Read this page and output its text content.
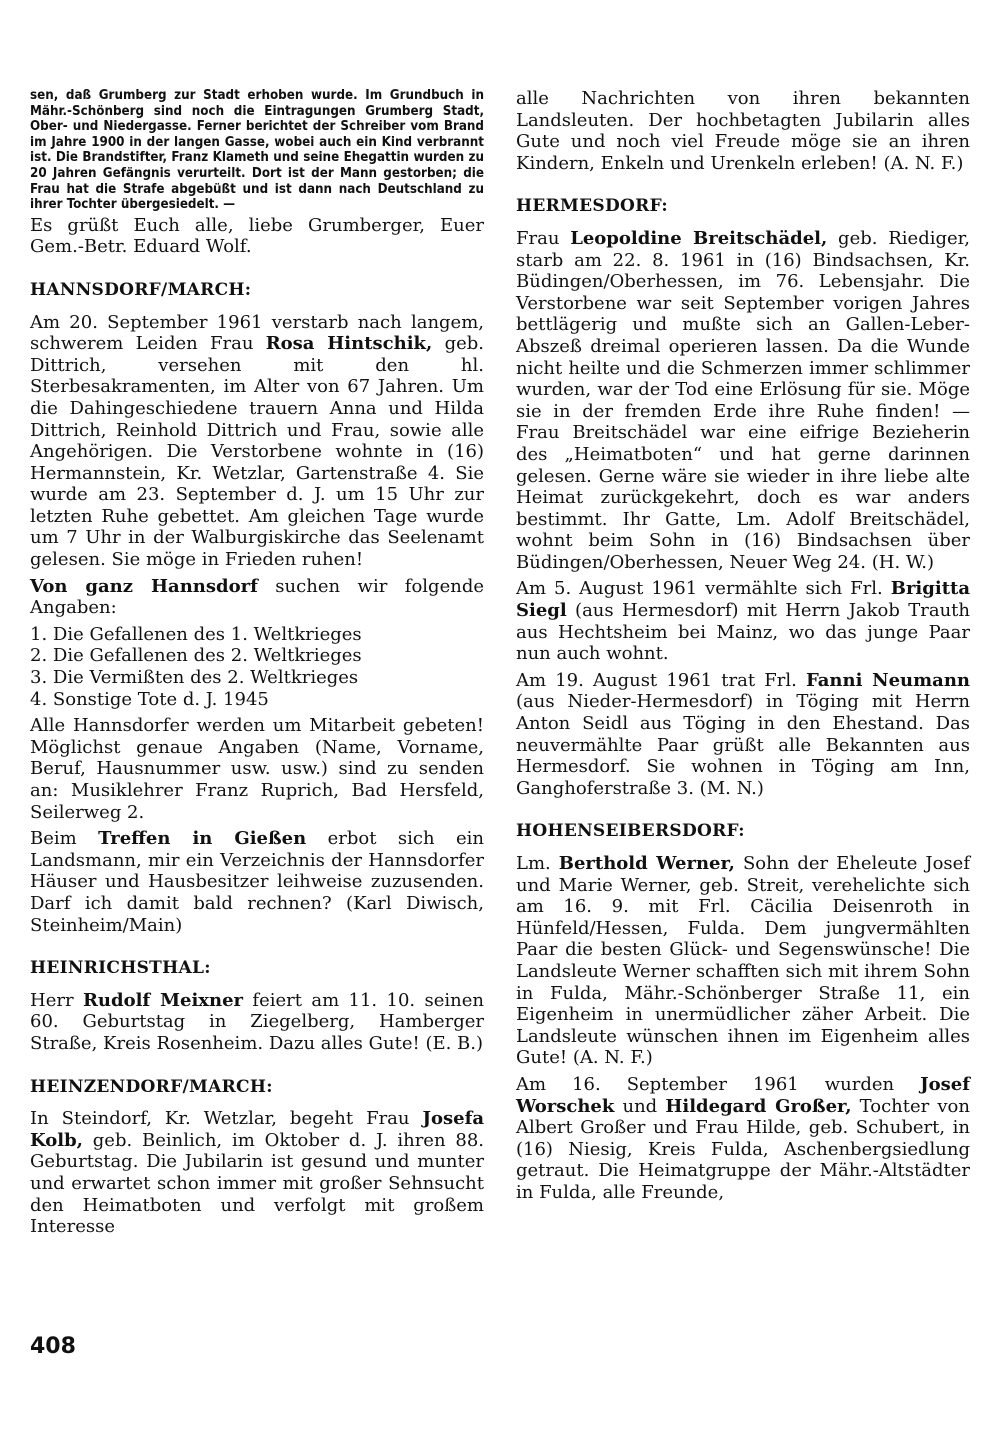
sen, daß Grumberg zur Stadt erhoben wurde. Im Grundbuch in Mähr.-Schönberg sind noch die Eintragungen Grumberg Stadt, Ober- und Niedergasse. Ferner berichtet der Schreiber vom Brand im Jahre 1900 in der langen Gasse, wobei auch ein Kind verbrannt ist. Die Brandstifter, Franz Klameth und seine Ehegattin wurden zu 20 Jahren Gefängnis verurteilt. Dort ist der Mann gestorben; die Frau hat die Strafe abgebüßt und ist dann nach Deutschland zu ihrer Tochter übergesiedelt. —

Es grüßt Euch alle, liebe Grumberger, Euer Gem.-Betr. Eduard Wolf.

HANNSDORF/MARCH:

Am 20. September 1961 verstarb nach langem, schwerem Leiden Frau Rosa Hintschik, geb. Dittrich, versehen mit den hl. Sterbesakramenten, im Alter von 67 Jahren. Um die Dahingeschiedene trauern Anna und Hilda Dittrich, Reinhold Dittrich und Frau, sowie alle Angehörigen. Die Verstorbene wohnte in (16) Hermannstein, Kr. Wetzlar, Gartenstraße 4. Sie wurde am 23. September d. J. um 15 Uhr zur letzten Ruhe gebettet. Am gleichen Tage wurde um 7 Uhr in der Walburgiskirche das Seelenamt gelesen. Sie möge in Frieden ruhen!

Von ganz Hannsdorf suchen wir folgende Angaben:

1. Die Gefallenen des 1. Weltkrieges
2. Die Gefallenen des 2. Weltkrieges
3. Die Vermißten des 2. Weltkrieges
4. Sonstige Tote d. J. 1945

Alle Hannsdorfer werden um Mitarbeit gebeten! Möglichst genaue Angaben (Name, Vorname, Beruf, Hausnummer usw. usw.) sind zu senden an: Musiklehrer Franz Ruprich, Bad Hersfeld, Seilerweg 2.

Beim Treffen in Gießen erbot sich ein Landsmann, mir ein Verzeichnis der Hannsdorfer Häuser und Hausbesitzer leihweise zuzusenden. Darf ich damit bald rechnen? (Karl Diwisch, Steinheim/Main)

HEINRICHSTHAL:

Herr Rudolf Meixner feiert am 11. 10. seinen 60. Geburtstag in Ziegelberg, Hamberger Straße, Kreis Rosenheim. Dazu alles Gute! (E. B.)

HEINZENDORF/MARCH:

In Steindorf, Kr. Wetzlar, begeht Frau Josefa Kolb, geb. Beinlich, im Oktober d. J. ihren 88. Geburtstag. Die Jubilarin ist gesund und munter und erwartet schon immer mit großer Sehnsucht den Heimatboten und verfolgt mit großem Interesse

alle Nachrichten von ihren bekannten Landsleuten. Der hochbetagten Jubilarin alles Gute und noch viel Freude möge sie an ihren Kindern, Enkeln und Urenkeln erleben! (A. N. F.)

HERMESDORF:

Frau Leopoldine Breitschädel, geb. Riediger, starb am 22. 8. 1961 in (16) Bindsachsen, Kr. Büdingen/Oberhessen, im 76. Lebensjahr. Die Verstorbene war seit September vorigen Jahres bettlägerig und mußte sich an Gallen-Leber-Abszeß dreimal operieren lassen. Da die Wunde nicht heilte und die Schmerzen immer schlimmer wurden, war der Tod eine Erlösung für sie. Möge sie in der fremden Erde ihre Ruhe finden! — Frau Breitschädel war eine eifrige Bezieherin des „Heimatboten“ und hat gerne darinnen gelesen. Gerne wäre sie wieder in ihre liebe alte Heimat zurückgekehrt, doch es war anders bestimmt. Ihr Gatte, Lm. Adolf Breitschädel, wohnt beim Sohn in (16) Bindsachsen über Büdingen/Oberhessen, Neuer Weg 24. (H. W.)

Am 5. August 1961 vermählte sich Frl. Brigitta Siegl (aus Hermesdorf) mit Herrn Jakob Trauth aus Hechtsheim bei Mainz, wo das junge Paar nun auch wohnt.

Am 19. August 1961 trat Frl. Fanni Neumann (aus Nieder-Hermesdorf) in Töging mit Herrn Anton Seidl aus Töging in den Ehestand. Das neuvermählte Paar grüßt alle Bekannten aus Hermesdorf. Sie wohnen in Töging am Inn, Ganghoferstraße 3. (M. N.)

HOHENSEIBERSDORF:

Lm. Berthold Werner, Sohn der Eheleute Josef und Marie Werner, geb. Streit, verehelichte sich am 16. 9. mit Frl. Cäcilia Deisenroth in Hünfeld/Hessen, Fulda. Dem jungvermählten Paar die besten Glück- und Segenswünsche! Die Landsleute Werner schafften sich mit ihrem Sohn in Fulda, Mähr.-Schönberger Straße 11, ein Eigenheim in unermüdlicher zäher Arbeit. Die Landsleute wünschen ihnen im Eigenheim alles Gute! (A. N. F.)

Am 16. September 1961 wurden Josef Worschek und Hildegard Großer, Tochter von Albert Großer und Frau Hilde, geb. Schubert, in (16) Niesig, Kreis Fulda, Aschenbergsiedlung getraut. Die Heimatgruppe der Mähr.-Altstädter in Fulda, alle Freunde,

408
